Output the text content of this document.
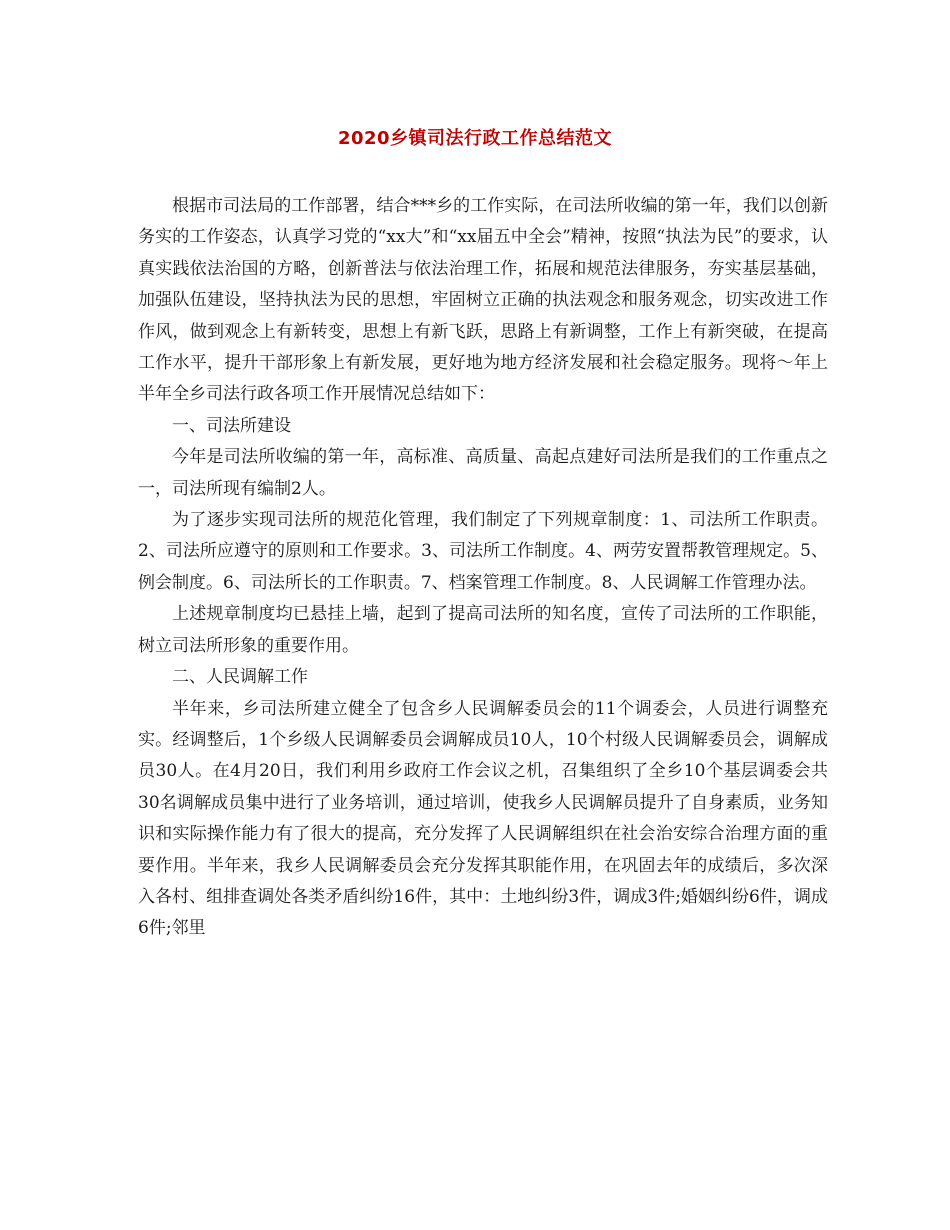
2020乡镇司法行政工作总结范文

根据市司法局的工作部署，结合***乡的工作实际，在司法所收编的第一年，我们以创新务实的工作姿态，认真学习党的“xx大”和“xx届五中全会”精神，按照“执法为民”的要求，认真实践依法治国的方略，创新普法与依法治理工作，拓展和规范法律服务，夯实基层基础，加强队伍建设，坚持执法为民的思想，牢固树立正确的执法观念和服务观念，切实改进工作作风，做到观念上有新转变，思想上有新飞跃，思路上有新调整，工作上有新突破，在提高工作水平，提升干部形象上有新发展，更好地为地方经济发展和社会稳定服务。现将～年上半年全乡司法行政各项工作开展情况总结如下：

一、司法所建设

今年是司法所收编的第一年，高标准、高质量、高起点建好司法所是我们的工作重点之一，司法所现有编制2人。

为了逐步实现司法所的规范化管理，我们制定了下列规章制度：1、司法所工作职责。2、司法所应遵守的原则和工作要求。3、司法所工作制度。4、两劳安置帮教管理规定。5、例会制度。6、司法所长的工作职责。7、档案管理工作制度。8、人民调解工作管理办法。

上述规章制度均已悬挂上墙，起到了提高司法所的知名度，宣传了司法所的工作职能，树立司法所形象的重要作用。

二、人民调解工作

半年来，乡司法所建立健全了包含乡人民调解委员会的11个调委会，人员进行调整充实。经调整后，1个乡级人民调解委员会调解成员10人，10个村级人民调解委员会，调解成员30人。在4月20日，我们利用乡政府工作会议之机，召集组织了全乡10个基层调委会共30名调解成员集中进行了业务培训，通过培训，使我乡人民调解员提升了自身素质，业务知识和实际操作能力有了很大的提高，充分发挥了人民调解组织在社会治安综合治理方面的重要作用。半年来，我乡人民调解委员会充分发挥其职能作用，在巩固去年的成绩后，多次深入各村、组排查调处各类矛盾纠纷16件，其中：土地纠纷3件，调成3件;婚姻纠纷6件，调成6件;邻里
